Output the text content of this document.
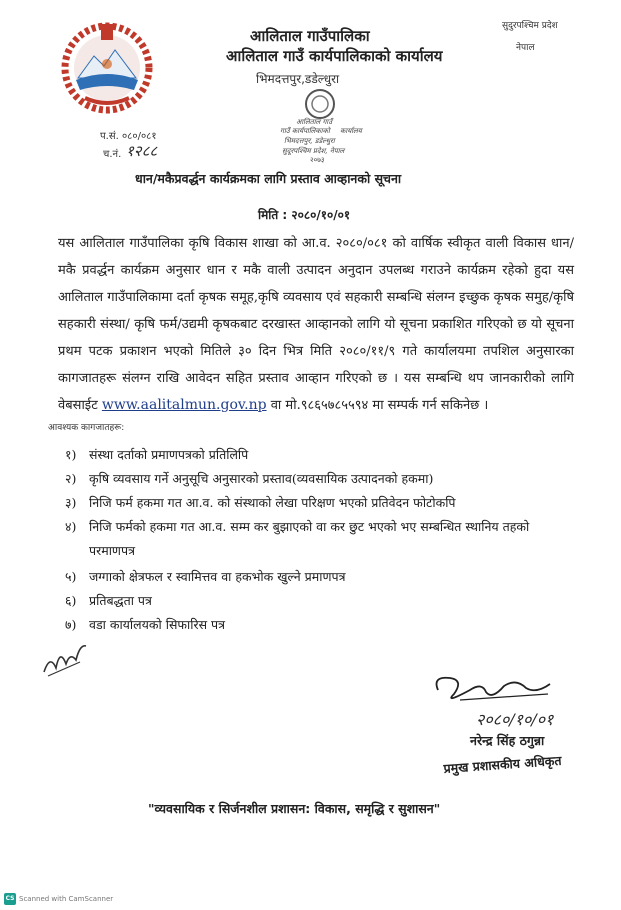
आलिताल गाउँपालिका
आलिताल गाउँ कार्यपालिकाको कार्यालय
भिमदत्तपुर,डडेल्धुरा
सुदुरपश्चिम प्रदेश
नेपाल
प.सं. ०८०/०८१
च.नं. १२८८
आलिताल गाउँ
गाउँ कार्यपालिकाको कार्यालय
भिमदत्तपुर, डडेल्धुरा
सुदूरपश्चिम प्रदेश, नेपाल
२०७३
धान/मकैप्रवर्द्धन कार्यक्रमका लागि प्रस्ताव आव्हानको सूचना
मिति : २०८०/१०/०१
यस आलिताल गाउँपालिका कृषि विकास शाखा को आ.व. २०८०/०८१ को वार्षिक स्वीकृत वाली विकास धान/मकै प्रवर्द्धन कार्यक्रम अनुसार धान र मकै वाली उत्पादन अनुदान उपलब्ध गराउने कार्यक्रम रहेको हुदा यस आलिताल गाउँपालिकामा दर्ता कृषक समूह,कृषि व्यवसाय एवं सहकारी सम्बन्धि संलग्न इच्छुक कृषक समुह/कृषि सहकारी संस्था/ कृषि फर्म/उद्यमी कृषकबाट दरखास्त आव्हानको लागि यो सूचना प्रकाशित गरिएको छ यो सूचना प्रथम पटक प्रकाशन भएको मितिले ३० दिन भित्र मिति २०८०/११/९ गते कार्यालयमा तपशिल अनुसारका कागजातहरू संलग्न राखि आवेदन सहित प्रस्ताव आव्हान गरिएको छ । यस सम्बन्धि थप जानकारीको लागि वेबसाईट www.aalitalmun.gov.np वा मो.९८६५७८५५९४ मा सम्पर्क गर्न सकिनेछ ।
आवश्यक कागजातहरू:
१) संस्था दर्ताको प्रमाणपत्रको प्रतिलिपि
२) कृषि व्यवसाय गर्ने अनुसूचि अनुसारको प्रस्ताव(व्यवसायिक उत्पादनको हकमा)
३) निजि फर्म हकमा गत आ.व. को संस्थाको लेखा परिक्षण भएको प्रतिवेदन फोटोकपि
४) निजि फर्मको हकमा गत आ.व. सम्म कर बुझाएको वा कर छुट भएको भए सम्बन्धित स्थानिय तहको
परमाणपत्र
५) जग्गाको क्षेत्रफल र स्वामित्तव वा हकभोक खुल्ने प्रमाणपत्र
६) प्रतिबद्धता पत्र
७) वडा कार्यालयको सिफारिस पत्र
२०८०/१०/०१
नरेन्द्र सिंह ठगुन्ना
प्रमुख प्रशासकीय अधिकृत
"व्यवसायिक र सिर्जनशील प्रशासन: विकास, समृद्धि र सुशासन"
CS Scanned with CamScanner
